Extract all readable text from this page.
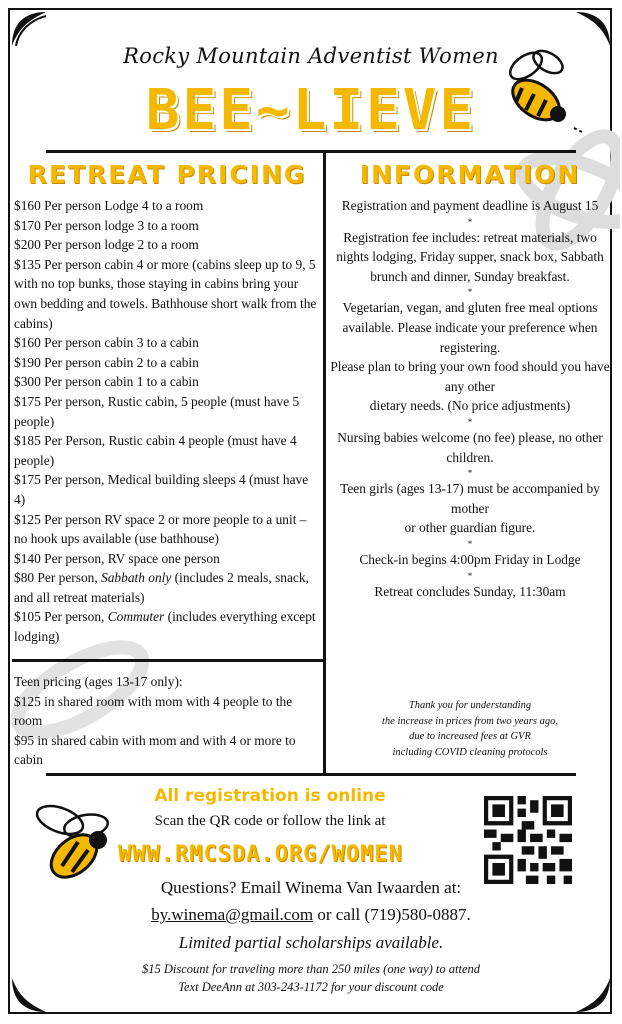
Rocky Mountain Adventist Women
BEE~LIEVE
RETREAT PRICING	INFORMATION
$160 Per person Lodge 4 to a room
$170 Per person lodge 3 to a room
$200 Per person lodge 2 to a room
$135 Per person cabin 4 or more (cabins sleep up to 9, 5 with no top bunks, those staying in cabins bring your own bedding and towels. Bathhouse short walk from the cabins)
$160 Per person cabin 3 to a cabin
$190 Per person cabin 2 to a cabin
$300 Per person cabin 1 to a cabin
$175 Per person, Rustic cabin, 5 people (must have 5 people)
$185 Per Person, Rustic cabin 4 people (must have 4 people)
$175 Per person, Medical building sleeps 4 (must have 4)
$125 Per person RV space 2 or more people to a unit – no hook ups available (use bathhouse)
$140 Per person, RV space one person
$80 Per person, Sabbath only (includes 2 meals, snack, and all retreat materials)
$105 Per person, Commuter (includes everything except lodging)
Teen pricing (ages 13-17 only):
$125 in shared room with mom with 4 people to the room
$95 in shared cabin with mom and with 4 or more to cabin
Registration and payment deadline is August 15
*
Registration fee includes: retreat materials, two nights lodging, Friday supper, snack box, Sabbath brunch and dinner, Sunday breakfast.
*
Vegetarian, vegan, and gluten free meal options available. Please indicate your preference when registering.
Please plan to bring your own food should you have any other
dietary needs. (No price adjustments)
*
Nursing babies welcome (no fee) please, no other children.
*
Teen girls (ages 13-17) must be accompanied by mother
or other guardian figure.
*
Check-in begins 4:00pm Friday in Lodge
*
Retreat concludes Sunday, 11:30am
Thank you for understanding
the increase in prices from two years ago,
due to increased fees at GVR
including COVID cleaning protocols
All registration is online
Scan the QR code or follow the link at
WWW.RMCSDA.ORG/WOMEN
Questions? Email Winema Van Iwaarden at:
by.winema@gmail.com or call (719)580-0887.
Limited partial scholarships available.
$15 Discount for traveling more than 250 miles (one way) to attend
Text DeeAnn at 303-243-1172 for your discount code
